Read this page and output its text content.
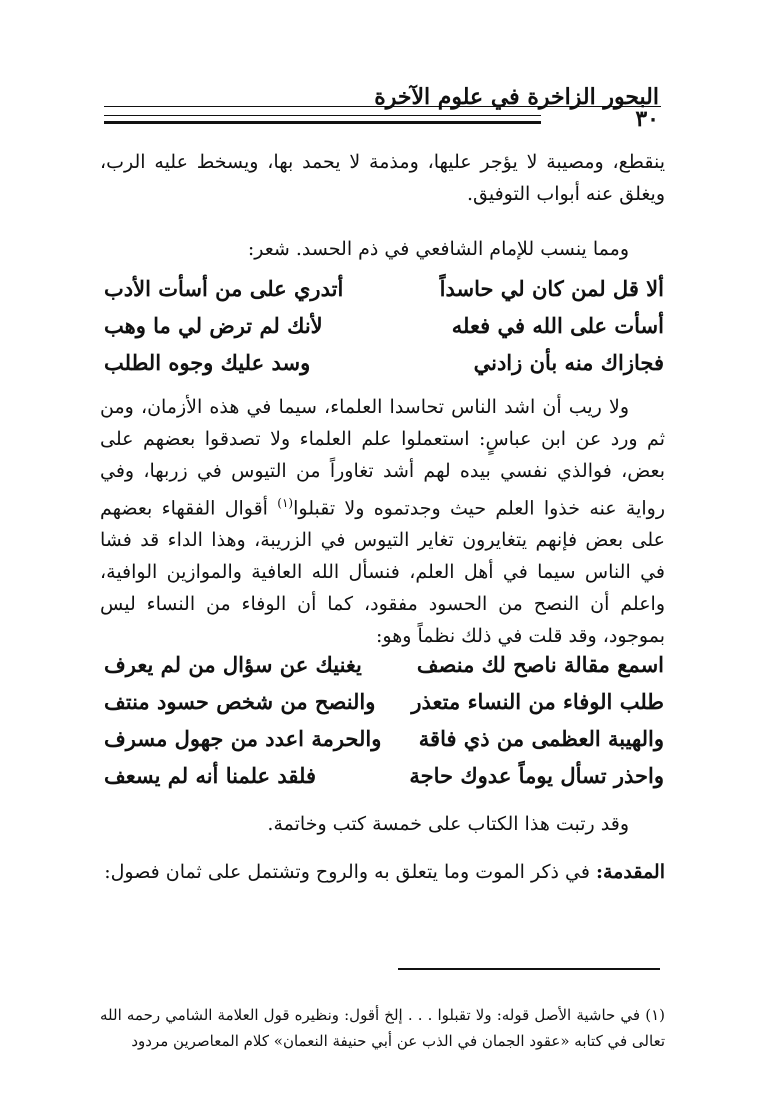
البحور الزاخرة في علوم الآخرة
٣٠
ينقطع، ومصيبة لا يؤجر عليها، ومذمة لا يحمد بها، ويسخط عليه الرب، ويغلق عنه أبواب التوفيق.
ومما ينسب للإمام الشافعي في ذم الحسد. شعر:
ألا قل لمن كان لي حاسداً
أتدري على من أسأت الأدب
أسأت على الله في فعله
لأنك لم ترض لي ما وهب
فجازاك منه بأن زادني
وسد عليك وجوه الطلب
ولا ريب أن اشد الناس تحاسدا العلماء، سيما في هذه الأزمان، ومن ثم ورد عن ابن عباسٍ: استعملوا علم العلماء ولا تصدقوا بعضهم على بعض، فوالذي نفسي بيده لهم أشد تغاوراً من التيوس في زربها، وفي رواية عنه خذوا العلم حيث وجدتموه ولا تقبلوا$^{(١)}$ أقوال الفقهاء بعضهم على بعض فإنهم يتغايرون تغاير التيوس في الزريبة، وهذا الداء قد فشا في الناس سيما في أهل العلم، فنسأل الله العافية والموازين الوافية، واعلم أن النصح من الحسود مفقود، كما أن الوفاء من النساء ليس بموجود، وقد قلت في ذلك نظماً وهو:
اسمع مقالة ناصح لك منصف
يغنيك عن سؤال من لم يعرف
طلب الوفاء من النساء متعذر
والنصح من شخص حسود منتف
والهيبة العظمى من ذي فاقة
والحرمة اعدد من جهول مسرف
واحذر تسأل يوماً عدوك حاجة
فلقد علمنا أنه لم يسعف
وقد رتبت هذا الكتاب على خمسة كتب وخاتمة.
المقدمة: في ذكر الموت وما يتعلق به والروح وتشتمل على ثمان فصول:
(١) في حاشية الأصل قوله: ولا تقبلوا . . . إلخ أقول: ونظيره قول العلامة الشامي رحمه الله تعالى في كتابه «عقود الجمان في الذب عن أبي حنيفة النعمان» كلام المعاصرين مردود
